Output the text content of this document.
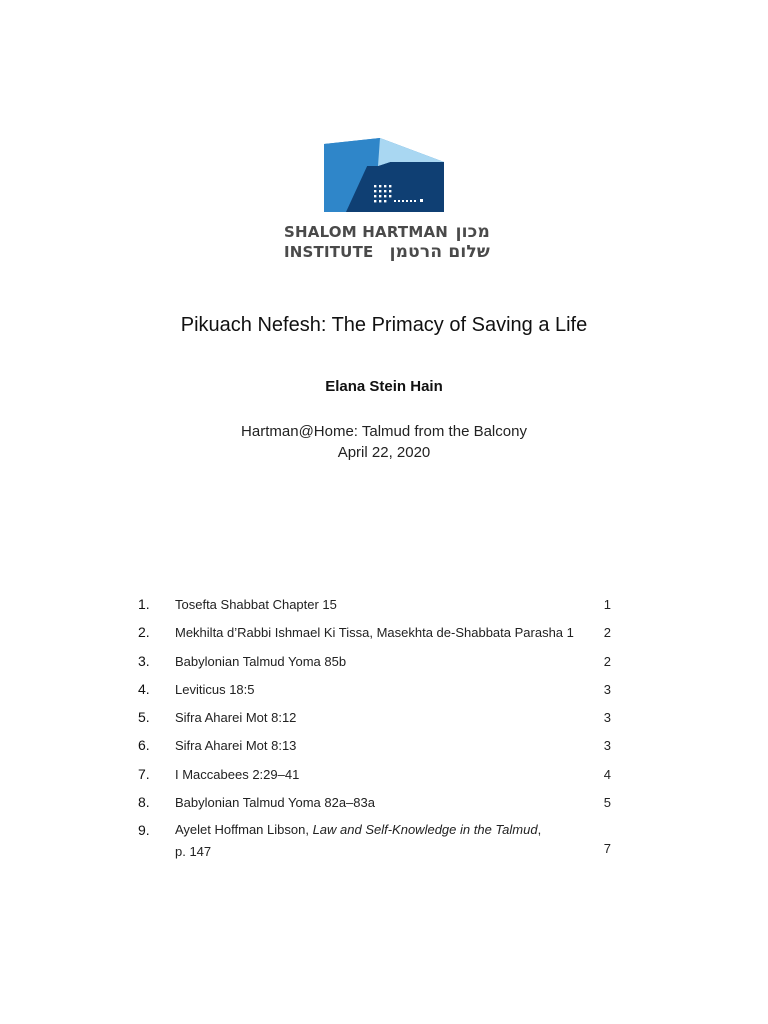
SHALOM HARTMAN מכון
INSTITUTE שלום הרטמן
Pikuach Nefesh: The Primacy of Saving a Life
Elana Stein Hain
Hartman@Home: Talmud from the Balcony
April 22, 2020
1.	Tosefta Shabbat Chapter 15	1
2.	Mekhilta d’Rabbi Ishmael Ki Tissa, Masekhta de-Shabbata Parasha 1	2
3.	Babylonian Talmud Yoma 85b	2
4.	Leviticus 18:5	3
5.	Sifra Aharei Mot 8:12	3
6.	Sifra Aharei Mot 8:13	3
7.	I Maccabees 2:29–41	4
8.	Babylonian Talmud Yoma 82a–83a	5
9.	Ayelet Hoffman Libson, Law and Self-Knowledge in the Talmud,
p. 147	7
